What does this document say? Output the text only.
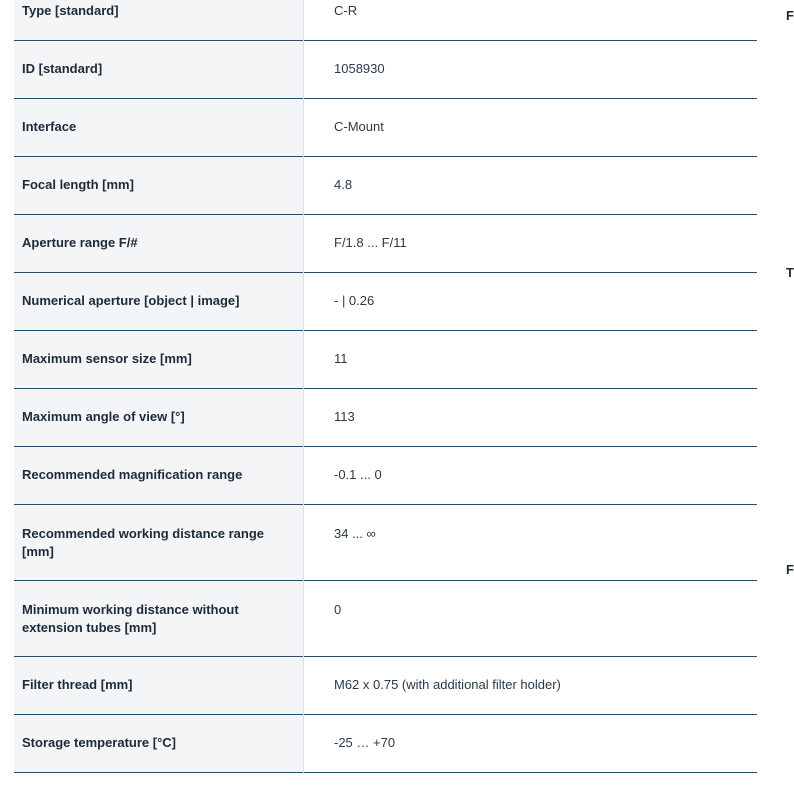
Type [standard]	C-R
ID [standard]	1058930
Interface	C-Mount
Focal length [mm]	4.8
Aperture range F/#	F/1.8 ... F/11
Numerical aperture [object | image]	- | 0.26
Maximum sensor size [mm]	11
Maximum angle of view [°]	113
Recommended magnification range	-0.1 ... 0
Recommended working distance range [mm]	34 ... ∞
Minimum working distance without extension tubes [mm]	0
Filter thread [mm]	M62 x 0.75 (with additional filter holder)
Storage temperature [°C]	-25 … +70
F
T
F
